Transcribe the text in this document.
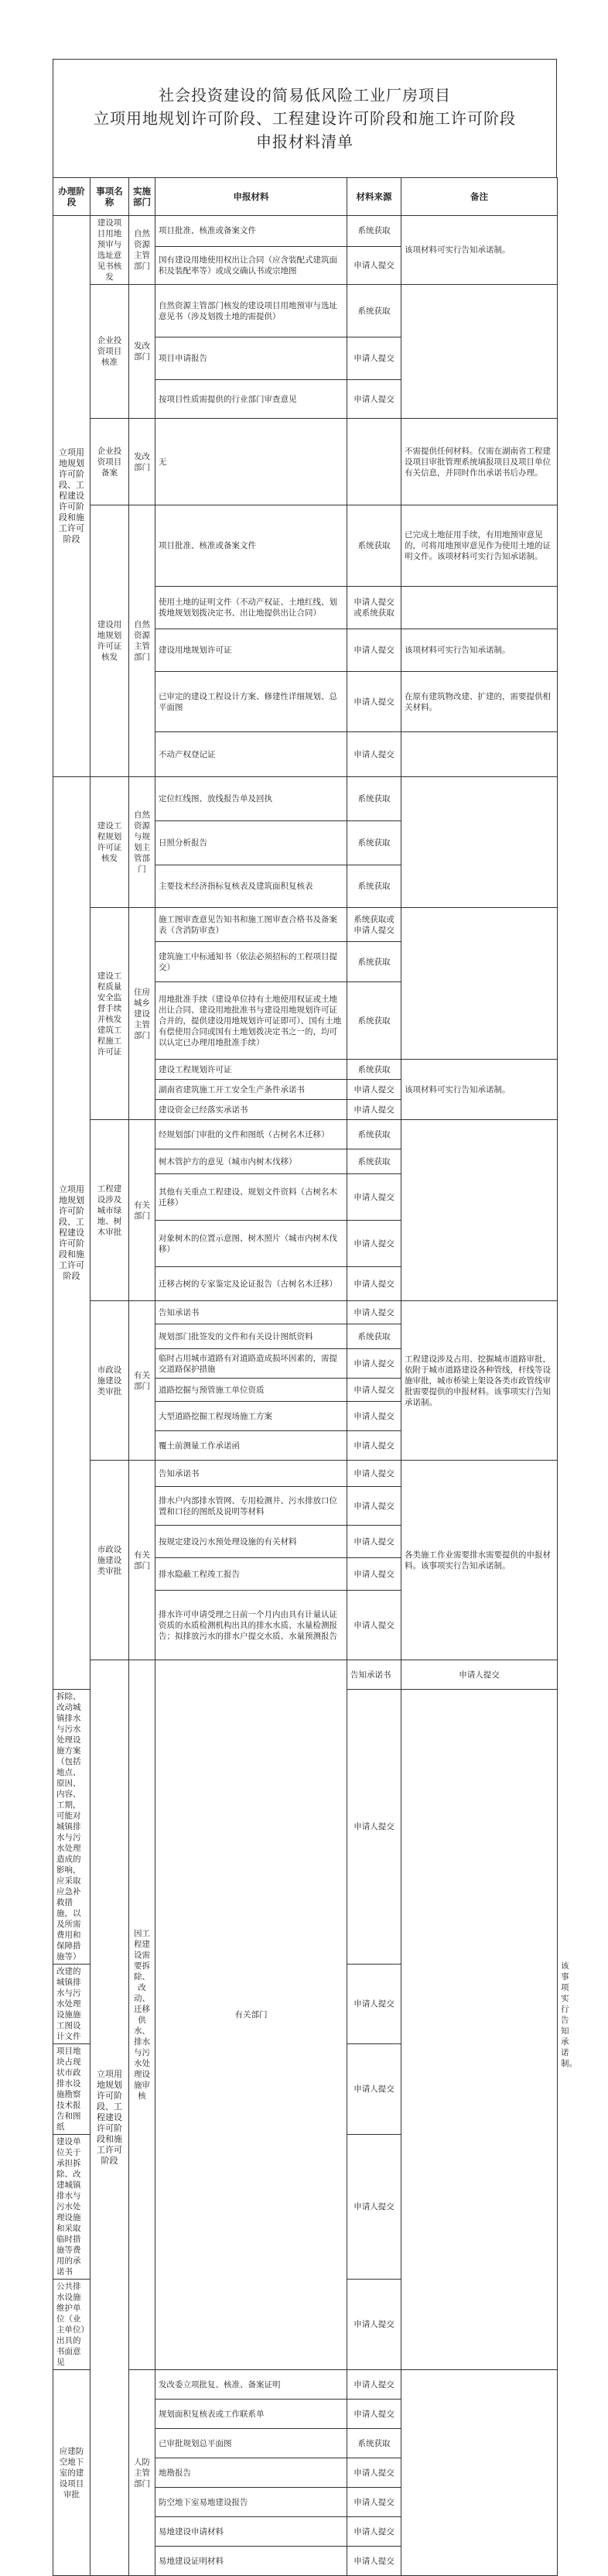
社会投资建设的简易低风险工业厂房项目
立项用地规划许可阶段、工程建设许可阶段和施工许可阶段
申报材料清单
办理阶段	事项名称	实施部门	申报材料	材料来源	备注	
立项用地规划许可阶段、工程建设许可阶段和施工许可阶段	建设项目用地预审与选址意见书核发	自然资源主管部门	项目批准、核准或备案文件	系统获取	该项材料可实行告知承诺制。	
			国有建设用地使用权出让合同（应含装配式建筑面积及装配率等）或成交确认书或宗地图	申请人提交		
	企业投资项目核准	发改部门	自然资源主管部门核发的建设项目用地预审与选址意见书（涉及划拨土地的需提供）	系统获取		
			项目申请报告	申请人提交		
			按项目性质需提供的行业部门审查意见	申请人提交		
	企业投资项目备案	发改部门	无		不需提供任何材料。仅需在湖南省工程建设项目审批管理系统填报项目及项目单位有关信息，并同时作出承诺书后办理。	
	建设用地规划许可证核发	自然资源主管部门	项目批准、核准或备案文件	系统获取	已完成土地征用手续，有用地预审意见的，可将用地预审意见作为使用土地的证明文件。该项材料可实行告知承诺制。	
			使用土地的证明文件（不动产权证、土地红线、划拨地规划划拨决定书、出让地提供出让合同）	申请人提交或系统获取		
			建设用地规划许可证	申请人提交	该项材料可实行告知承诺制。	
			已审定的建设工程设计方案、修建性详细规划、总平面图	申请人提交	在原有建筑物改建、扩建的，需要提供相关材料。	
			不动产权登记证	申请人提交		
立项用地规划许可阶段、工程建设许可阶段和施工许可阶段	建设工程规划许可证核发	自然资源与规划主管部门	定位红线图、放线报告单及回执	系统获取		
			日照分析报告	系统获取		
			主要技术经济指标复核表及建筑面积复核表	系统获取		
	建设工程质量安全监督手续并核发建筑工程施工许可证	住房城乡建设主管部门	施工图审查意见告知书和施工图审查合格书及备案表（含消防审查）	系统获取或申请人提交		
			建筑施工中标通知书（依法必须招标的工程项目提交）	系统获取		
			用地批准手续（建设单位持有土地使用权证或土地出让合同、建设用地批准书与建设用地规划许可证合并的，提供建设用地规划许可证即可）、国有土地有偿使用合同或国有土地划拨决定书之一的，均可以认定已办理用地批准手续）	系统获取		
			建设工程规划许可证	系统获取	该项材料可实行告知承诺制。	
			湖南省建筑施工开工安全生产条件承诺书	申请人提交		
			建设资金已经落实承诺书	申请人提交		
	工程建设涉及城市绿地、树木审批	有关部门	经规划部门审批的文件和图纸（古树名木迁移）	系统获取		
			树木管护方的意见（城市内树木伐移）	系统获取		
			其他有关重点工程建设、规划文件资料（古树名木迁移）	申请人提交		
			对象树木的位置示意图、树木照片（城市内树木伐移）	申请人提交		
			迁移古树的专家鉴定及论证报告（古树名木迁移）	申请人提交		
	市政设施建设类审批	有关部门	告知承诺书	申请人提交	工程建设涉及占用、挖掘城市道路审批，依附于城市道路建设各种管线，杆线等设施审批，城市桥梁上架设各类市政管线审批需要提供的申报材料。该事项实行告知承诺制。	
			规划部门批签发的文件和有关设计图纸资料	系统获取		
			临时占用城市道路有对道路造成损坏因素的，需提交道路保护措施	申请人提交		
			道路挖掘与预管施工单位资质	申请人提交		
			大型道路挖掘工程现场施工方案	申请人提交		
			覆土前测量工作承诺函	申请人提交		
	市政设施建设类审批	有关部门	告知承诺书	申请人提交	各类施工作业需要排水需要提供的申报材料。该事项实行告知承诺制。	
			排水户内部排水管网、专用检测井、污水排放口位置和口径的图纸及说明等材料	申请人提交		
			按规定建设污水预处理设施的有关材料	申请人提交		
			排水隐蔽工程竣工报告	申请人提交		
			排水许可申请受理之日前一个月内由具有计量认证资质的水质检测机构出具的排水水质、水量检测报告；拟排放污水的排水户提交水质、水量预测报告	申请人提交		
	立项用地规划许可阶段、工程建设许可阶段和施工许可阶段	因工程建设需要拆除、改动、迁移供水、排水与污水处理设施审核	有关部门	告知承诺书	申请人提交	该事项实行告知承诺制。
拆除、改动城镇排水与污水处理设施方案（包括地点、原因、内容、工期，可能对城镇排水与污水处理造成的影响，应采取应急补救措施，以及所需费用和保障措施等）				申请人提交		
改建的城镇排水与污水处理设施施工图设计文件				申请人提交		
项目地块占现状市政排水设施勘察技术报告和图纸				申请人提交		
建设单位关于承担拆除、改建城镇排水与污水处理设施和采取临时措施等费用的承诺书				申请人提交		
公共排水设施维护单位（业主单位）出具的书面意见				申请人提交		
应建防空地下室的建设项目审批		人防主管部门	发改委立项批复、核准、备案证明	申请人提交		
			规划面积复核表或工作联系单	申请人提交		
			已审批规划总平面图	系统获取		
			地勘报告	申请人提交		
			防空地下室易地建设报告	申请人提交		
			易地建设申请材料	申请人提交		
			易地建设证明材料	申请人提交		
